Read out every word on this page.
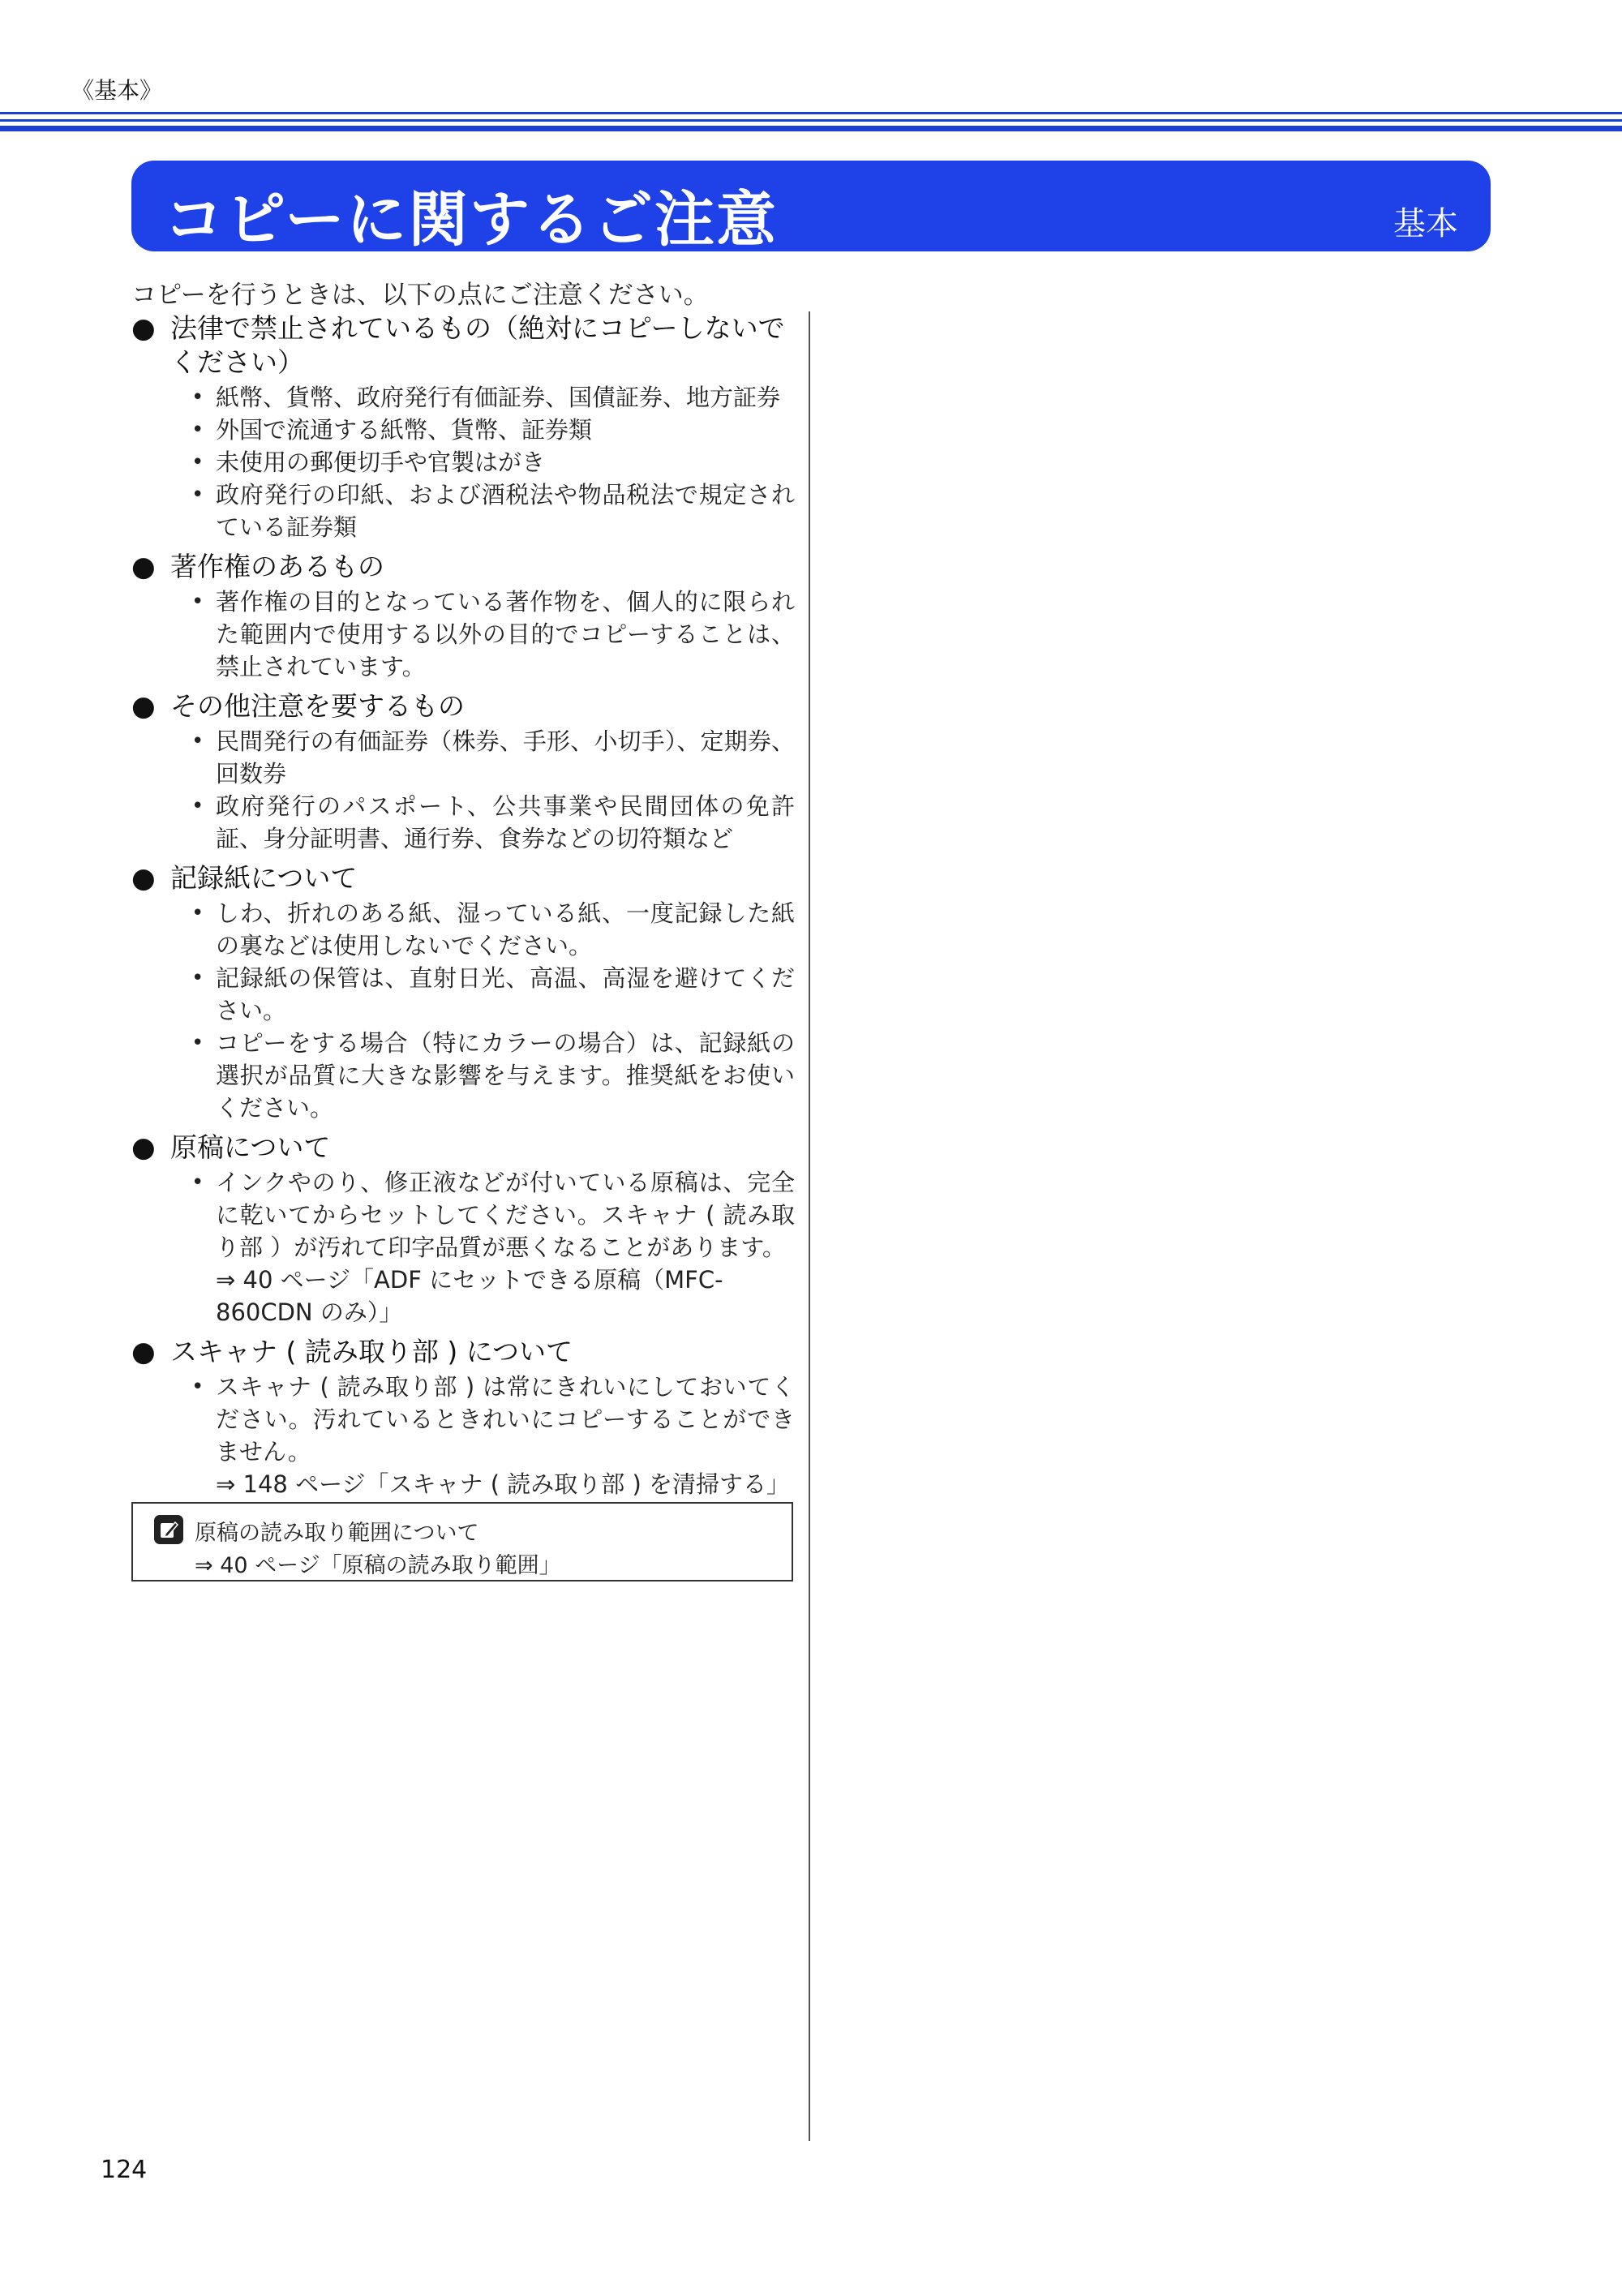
《基本》
コピーに関するご注意	基本
コピーを行うときは、以下の点にご注意ください。
● 法律で禁止されているもの（絶対にコピーしないでください）
• 紙幣、貨幣、政府発行有価証券、国債証券、地方証券
• 外国で流通する紙幣、貨幣、証券類
• 未使用の郵便切手や官製はがき
• 政府発行の印紙、および酒税法や物品税法で規定されている証券類
● 著作権のあるもの
• 著作権の目的となっている著作物を、個人的に限られた範囲内で使用する以外の目的でコピーすることは、禁止されています。
● その他注意を要するもの
• 民間発行の有価証券（株券、手形、小切手）、定期券、回数券
• 政府発行のパスポート、公共事業や民間団体の免許証、身分証明書、通行券、食券などの切符類など
● 記録紙について
• しわ、折れのある紙、湿っている紙、一度記録した紙の裏などは使用しないでください。
• 記録紙の保管は、直射日光、高温、高湿を避けてください。
• コピーをする場合（特にカラーの場合）は、記録紙の選択が品質に大きな影響を与えます。推奨紙をお使いください。
● 原稿について
• インクやのり、修正液などが付いている原稿は、完全に乾いてからセットしてください。スキャナ ( 読み取り部 ）が汚れて印字品質が悪くなることがあります。
⇒ 40 ページ「ADF にセットできる原稿（MFC-860CDN のみ）」
● スキャナ ( 読み取り部 ) について
• スキャナ ( 読み取り部 ) は常にきれいにしておいてください。汚れているときれいにコピーすることができません。
⇒ 148 ページ「スキャナ ( 読み取り部 ) を清掃する」
原稿の読み取り範囲について
⇒ 40 ページ「原稿の読み取り範囲」
124
